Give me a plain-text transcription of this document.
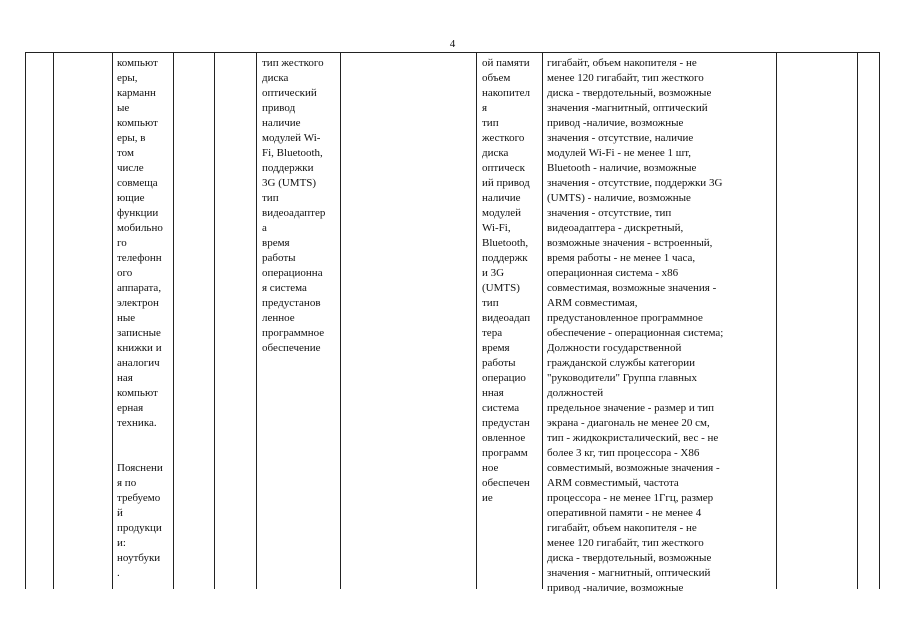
4
компьют
еры,
карманн
ые
компьют
еры, в
том
числе
совмеща
ющие
функции
мобильно
го
телефонн
ого
аппарата,
электрон
ные
записные
книжки и
аналогич
ная
компьют
ерная
техника.

Пояснени
я по
требуемо
й
продукци
и:
ноутбуки
.
тип жесткого
диска
оптический
привод
наличие
модулей Wi-
Fi, Bluetooth,
поддержки
3G (UMTS)
тип
видеоадаптер
а
время
работы
операционна
я система
предустанов
ленное
программное
обеспечение
ой памяти
объем
накопител
я
тип
жесткого
диска
оптическ
ий привод
наличие
модулей
Wi-Fi,
Bluetooth,
поддержк
и 3G
(UMTS)
тип
видеоадап
тера
время
работы
операцио
нная
система
предустан
овленное
программ
ное
обеспечен
ие
гигабайт, объем накопителя - не
менее 120 гигабайт, тип жесткого
диска - твердотельный, возможные
значения -магнитный, оптический
привод -наличие, возможные
значения - отсутствие, наличие
модулей Wi-Fi - не менее 1 шт,
Bluetooth - наличие, возможные
значения - отсутствие, поддержки 3G
(UMTS) - наличие, возможные
значения - отсутствие, тип
видеоадаптера - дискретный,
возможные значения - встроенный,
время работы - не менее 1 часа,
операционная система - x86
совместимая, возможные значения -
ARM совместимая,
предустановленное программное
обеспечение - операционная система;
Должности государственной
гражданской службы категории
"руководители" Группа главных
должностей
предельное значение - размер и тип
экрана - диагональ не менее 20 см,
тип - жидкокристалический, вес - не
более 3 кг, тип процессора - X86
совместимый, возможные значения -
ARM совместимый, частота
процессора - не менее 1Ггц, размер
оперативной памяти - не менее 4
гигабайт, объем накопителя - не
менее 120 гигабайт, тип жесткого
диска - твердотельный, возможные
значения - магнитный, оптический
привод -наличие, возможные
